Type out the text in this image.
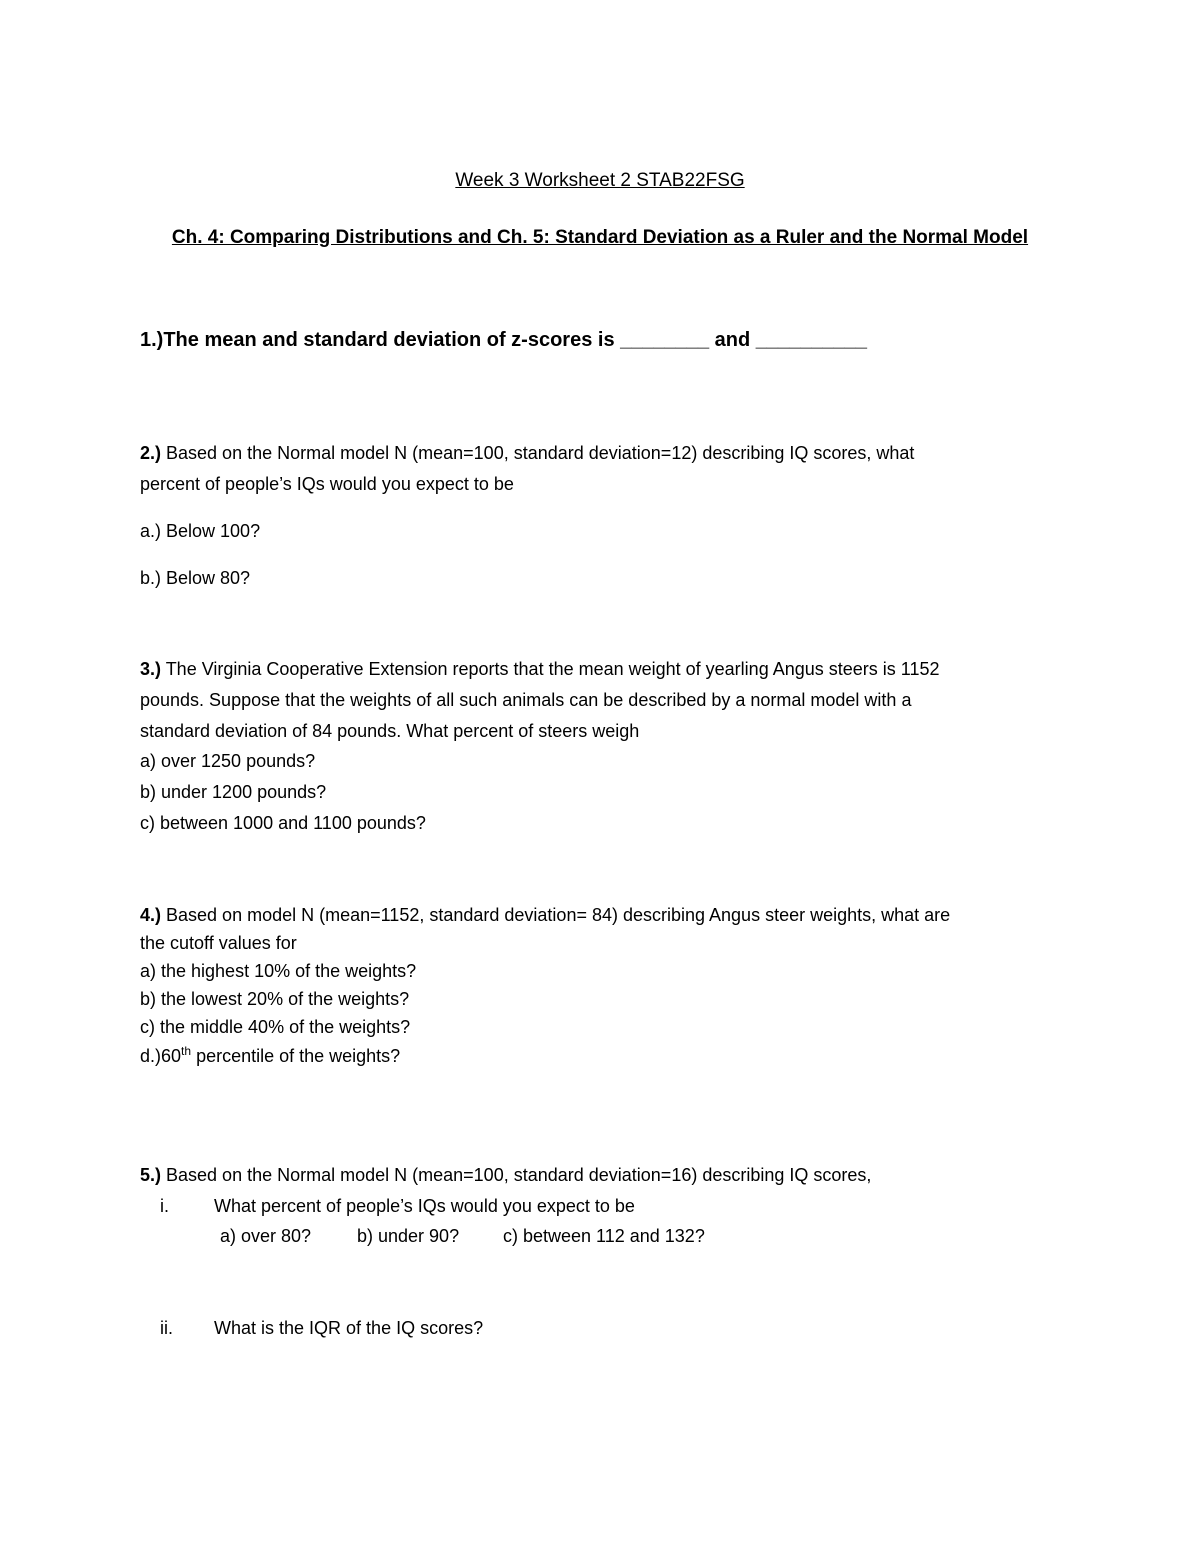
Week 3 Worksheet 2 STAB22FSG
Ch. 4: Comparing Distributions and Ch. 5: Standard Deviation as a Ruler and the Normal Model
1.)The mean and standard deviation of z-scores is ________ and __________
2.) Based on the Normal model N (mean=100, standard deviation=12) describing IQ scores, what
percent of people’s IQs would you expect to be
a.) Below 100?
b.) Below 80?
3.) The Virginia Cooperative Extension reports that the mean weight of yearling Angus steers is 1152
pounds. Suppose that the weights of all such animals can be described by a normal model with a
standard deviation of 84 pounds. What percent of steers weigh
a) over 1250 pounds?
b) under 1200 pounds?
c) between 1000 and 1100 pounds?
4.) Based on model N (mean=1152, standard deviation= 84) describing Angus steer weights, what are
the cutoff values for
a) the highest 10% of the weights?
b) the lowest 20% of the weights?
c) the middle 40% of the weights?
d.)60th percentile of the weights?
5.) Based on the Normal model N (mean=100, standard deviation=16) describing IQ scores,
i.	What percent of people’s IQs would you expect to be
a) over 80?	b) under 90? c) between 112 and 132?
ii. What is the IQR of the IQ scores?
